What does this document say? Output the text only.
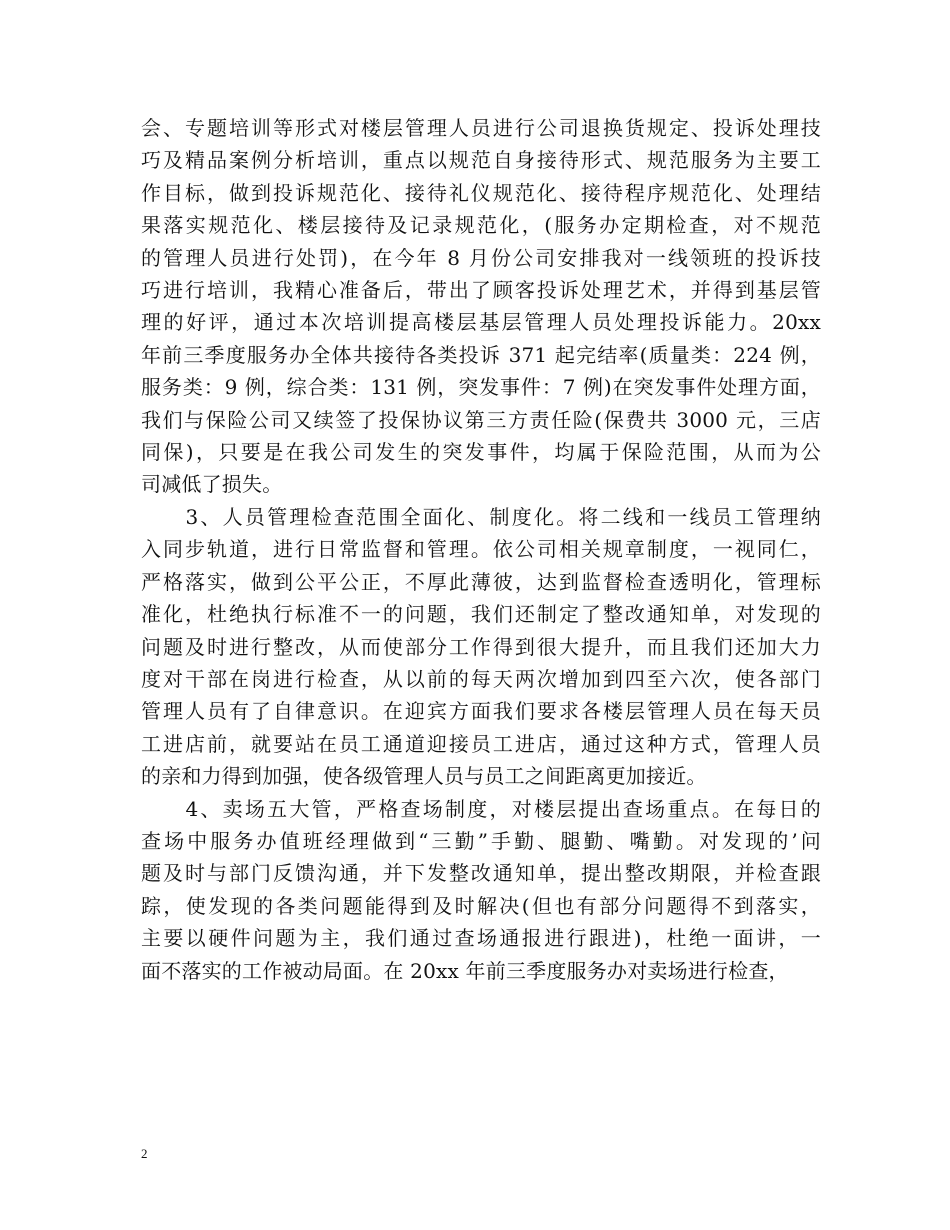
会、专题培训等形式对楼层管理人员进行公司退换货规定、投诉处理技
巧及精品案例分析培训，重点以规范自身接待形式、规范服务为主要工
作目标，做到投诉规范化、接待礼仪规范化、接待程序规范化、处理结
果落实规范化、楼层接待及记录规范化，(服务办定期检查，对不规范
的管理人员进行处罚)，在今年 8 月份公司安排我对一线领班的投诉技
巧进行培训，我精心准备后，带出了顾客投诉处理艺术，并得到基层管
理的好评，通过本次培训提高楼层基层管理人员处理投诉能力。20xx
年前三季度服务办全体共接待各类投诉 371 起完结率(质量类：224 例，
服务类：9 例，综合类：131 例，突发事件：7 例)在突发事件处理方面，
我们与保险公司又续签了投保协议第三方责任险(保费共 3000 元，三店
同保)，只要是在我公司发生的突发事件，均属于保险范围，从而为公
司减低了损失。
　　3、人员管理检查范围全面化、制度化。将二线和一线员工管理纳
入同步轨道，进行日常监督和管理。依公司相关规章制度，一视同仁，
严格落实，做到公平公正，不厚此薄彼，达到监督检查透明化，管理标
准化，杜绝执行标准不一的问题，我们还制定了整改通知单，对发现的
问题及时进行整改，从而使部分工作得到很大提升，而且我们还加大力
度对干部在岗进行检查，从以前的每天两次增加到四至六次，使各部门
管理人员有了自律意识。在迎宾方面我们要求各楼层管理人员在每天员
工进店前，就要站在员工通道迎接员工进店，通过这种方式，管理人员
的亲和力得到加强，使各级管理人员与员工之间距离更加接近。
　　4、卖场五大管，严格查场制度，对楼层提出查场重点。在每日的
查场中服务办值班经理做到“三勤”手勤、腿勤、嘴勤。对发现的’问
题及时与部门反馈沟通，并下发整改通知单，提出整改期限，并检查跟
踪，使发现的各类问题能得到及时解决(但也有部分问题得不到落实，
主要以硬件问题为主，我们通过查场通报进行跟进)，杜绝一面讲，一
面不落实的工作被动局面。在 20xx 年前三季度服务办对卖场进行检查，
2
